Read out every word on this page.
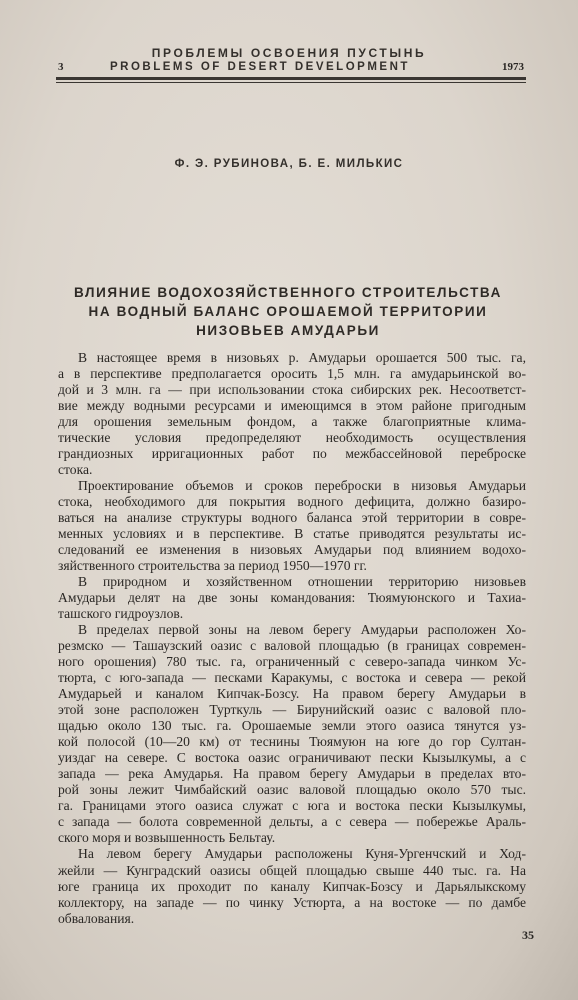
ПРОБЛЕМЫ ОСВОЕНИЯ ПУСТЫНЬ
3	PROBLEMS OF DESERT DEVELOPMENT	1973
Ф. Э. РУБИНОВА, Б. Е. МИЛЬКИС
ВЛИЯНИЕ ВОДОХОЗЯЙСТВЕННОГО СТРОИТЕЛЬСТВА
НА ВОДНЫЙ БАЛАНС ОРОШАЕМОЙ ТЕРРИТОРИИ
НИЗОВЬЕВ АМУДАРЬИ
В настоящее время в низовьях р. Амударьи орошается 500 тыс. га,
а в перспективе предполагается оросить 1,5 млн. га амударьинской во-
дой и 3 млн. га — при использовании стока сибирских рек. Несоответст-
вие между водными ресурсами и имеющимся в этом районе пригодным
для орошения земельным фондом, а также благоприятные клима-
тические условия предопределяют необходимость осуществления
грандиозных ирригационных работ по межбассейновой переброске
стока.
Проектирование объемов и сроков переброски в низовья Амударьи
стока, необходимого для покрытия водного дефицита, должно базиро-
ваться на анализе структуры водного баланса этой территории в совре-
менных условиях и в перспективе. В статье приводятся результаты ис-
следований ее изменения в низовьях Амударьи под влиянием водохо-
зяйственного строительства за период 1950—1970 гг.
В природном и хозяйственном отношении территорию низовьев
Амударьи делят на две зоны командования: Тюямуюнского и Тахиа-
ташского гидроузлов.
В пределах первой зоны на левом берегу Амударьи расположен Хо-
резмско — Ташаузский оазис с валовой площадью (в границах современ-
ного орошения) 780 тыс. га, ограниченный с северо-запада чинком Ус-
тюрта, с юго-запада — песками Каракумы, с востока и севера — рекой
Амударьей и каналом Кипчак-Бозсу. На правом берегу Амударьи в
этой зоне расположен Турткуль — Бирунийский оазис с валовой пло-
щадью около 130 тыс. га. Орошаемые земли этого оазиса тянутся уз-
кой полосой (10—20 км) от теснины Тюямуюн на юге до гор Султан-
уиздаг на севере. С востока оазис ограничивают пески Кызылкумы, а с
запада — река Амударья. На правом берегу Амударьи в пределах вто-
рой зоны лежит Чимбайский оазис валовой площадью около 570 тыс.
га. Границами этого оазиса служат с юга и востока пески Кызылкумы,
с запада — болота современной дельты, а с севера — побережье Араль-
ского моря и возвышенность Бельтау.
На левом берегу Амударьи расположены Куня-Ургенчский и Ход-
жейли — Кунградский оазисы общей площадью свыше 440 тыс. га. На
юге граница их проходит по каналу Кипчак-Бозсу и Дарьялыкскому
коллектору, на западе — по чинку Устюрта, а на востоке — по дамбе
обвалования.
35
